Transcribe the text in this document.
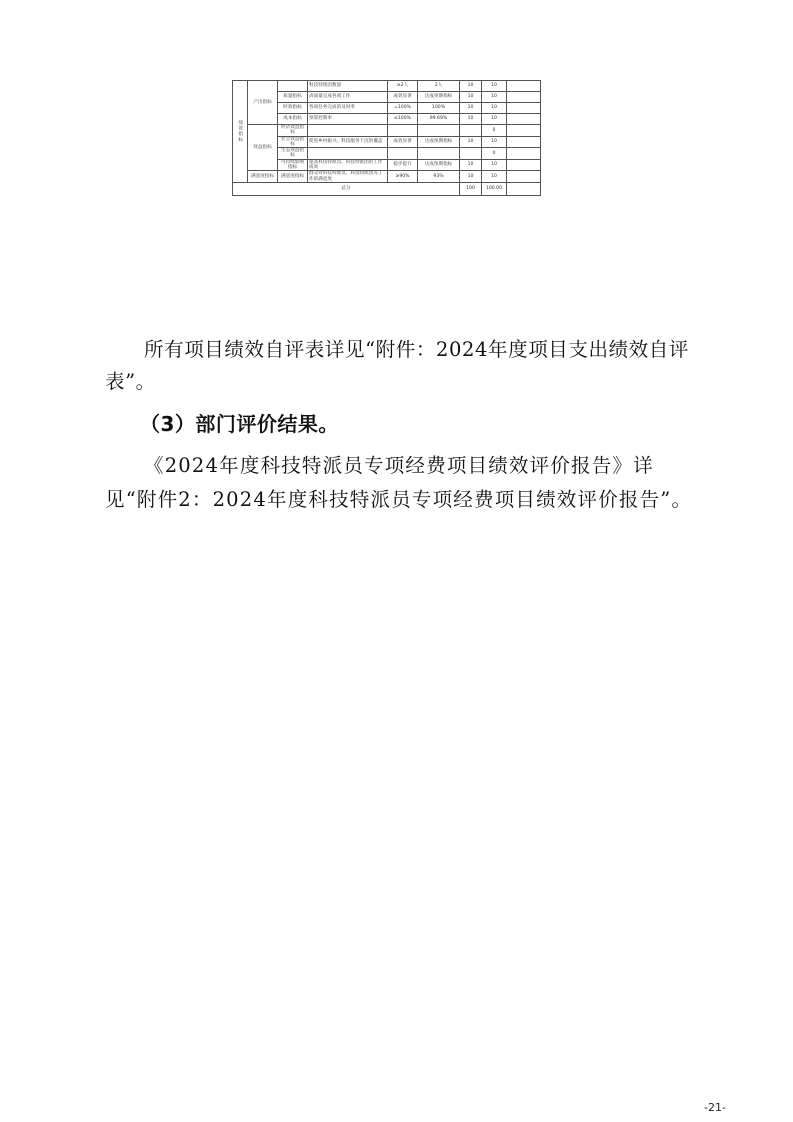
绩效指标	产出指标		科技特派团数量	≥2人	2人	10	10	
		质量指标	高质量完成各项工作	成效显著	达成预期指标	10	10	
		时效指标	各项任务完成的及时率	=100%	100%	10	10	
		成本指标	预算控制率	≤100%	99.69%	10	10	
	效益指标	经济效益指标					0	
		社会效益指标	促进乡村振兴、科技服务下沉的覆盖	成效显著	达成预期指标	10	10	
		生态效益指标					0	
		可持续影响指标	提高科技特派员、科技特派团的工作成效	稳步提升	达成预期指标	10	10	
	满意度指标	满意度指标	群众对科技特派员、科技特派团等工作的满意度	≥90%	93%	10	10	
总分						100	100.00	
所有项目绩效自评表详见“附件：2024年度项目支出绩效自评表”。
（3）部门评价结果。
《2024年度科技特派员专项经费项目绩效评价报告》详见“附件2：2024年度科技特派员专项经费项目绩效评价报告”。
-21-
